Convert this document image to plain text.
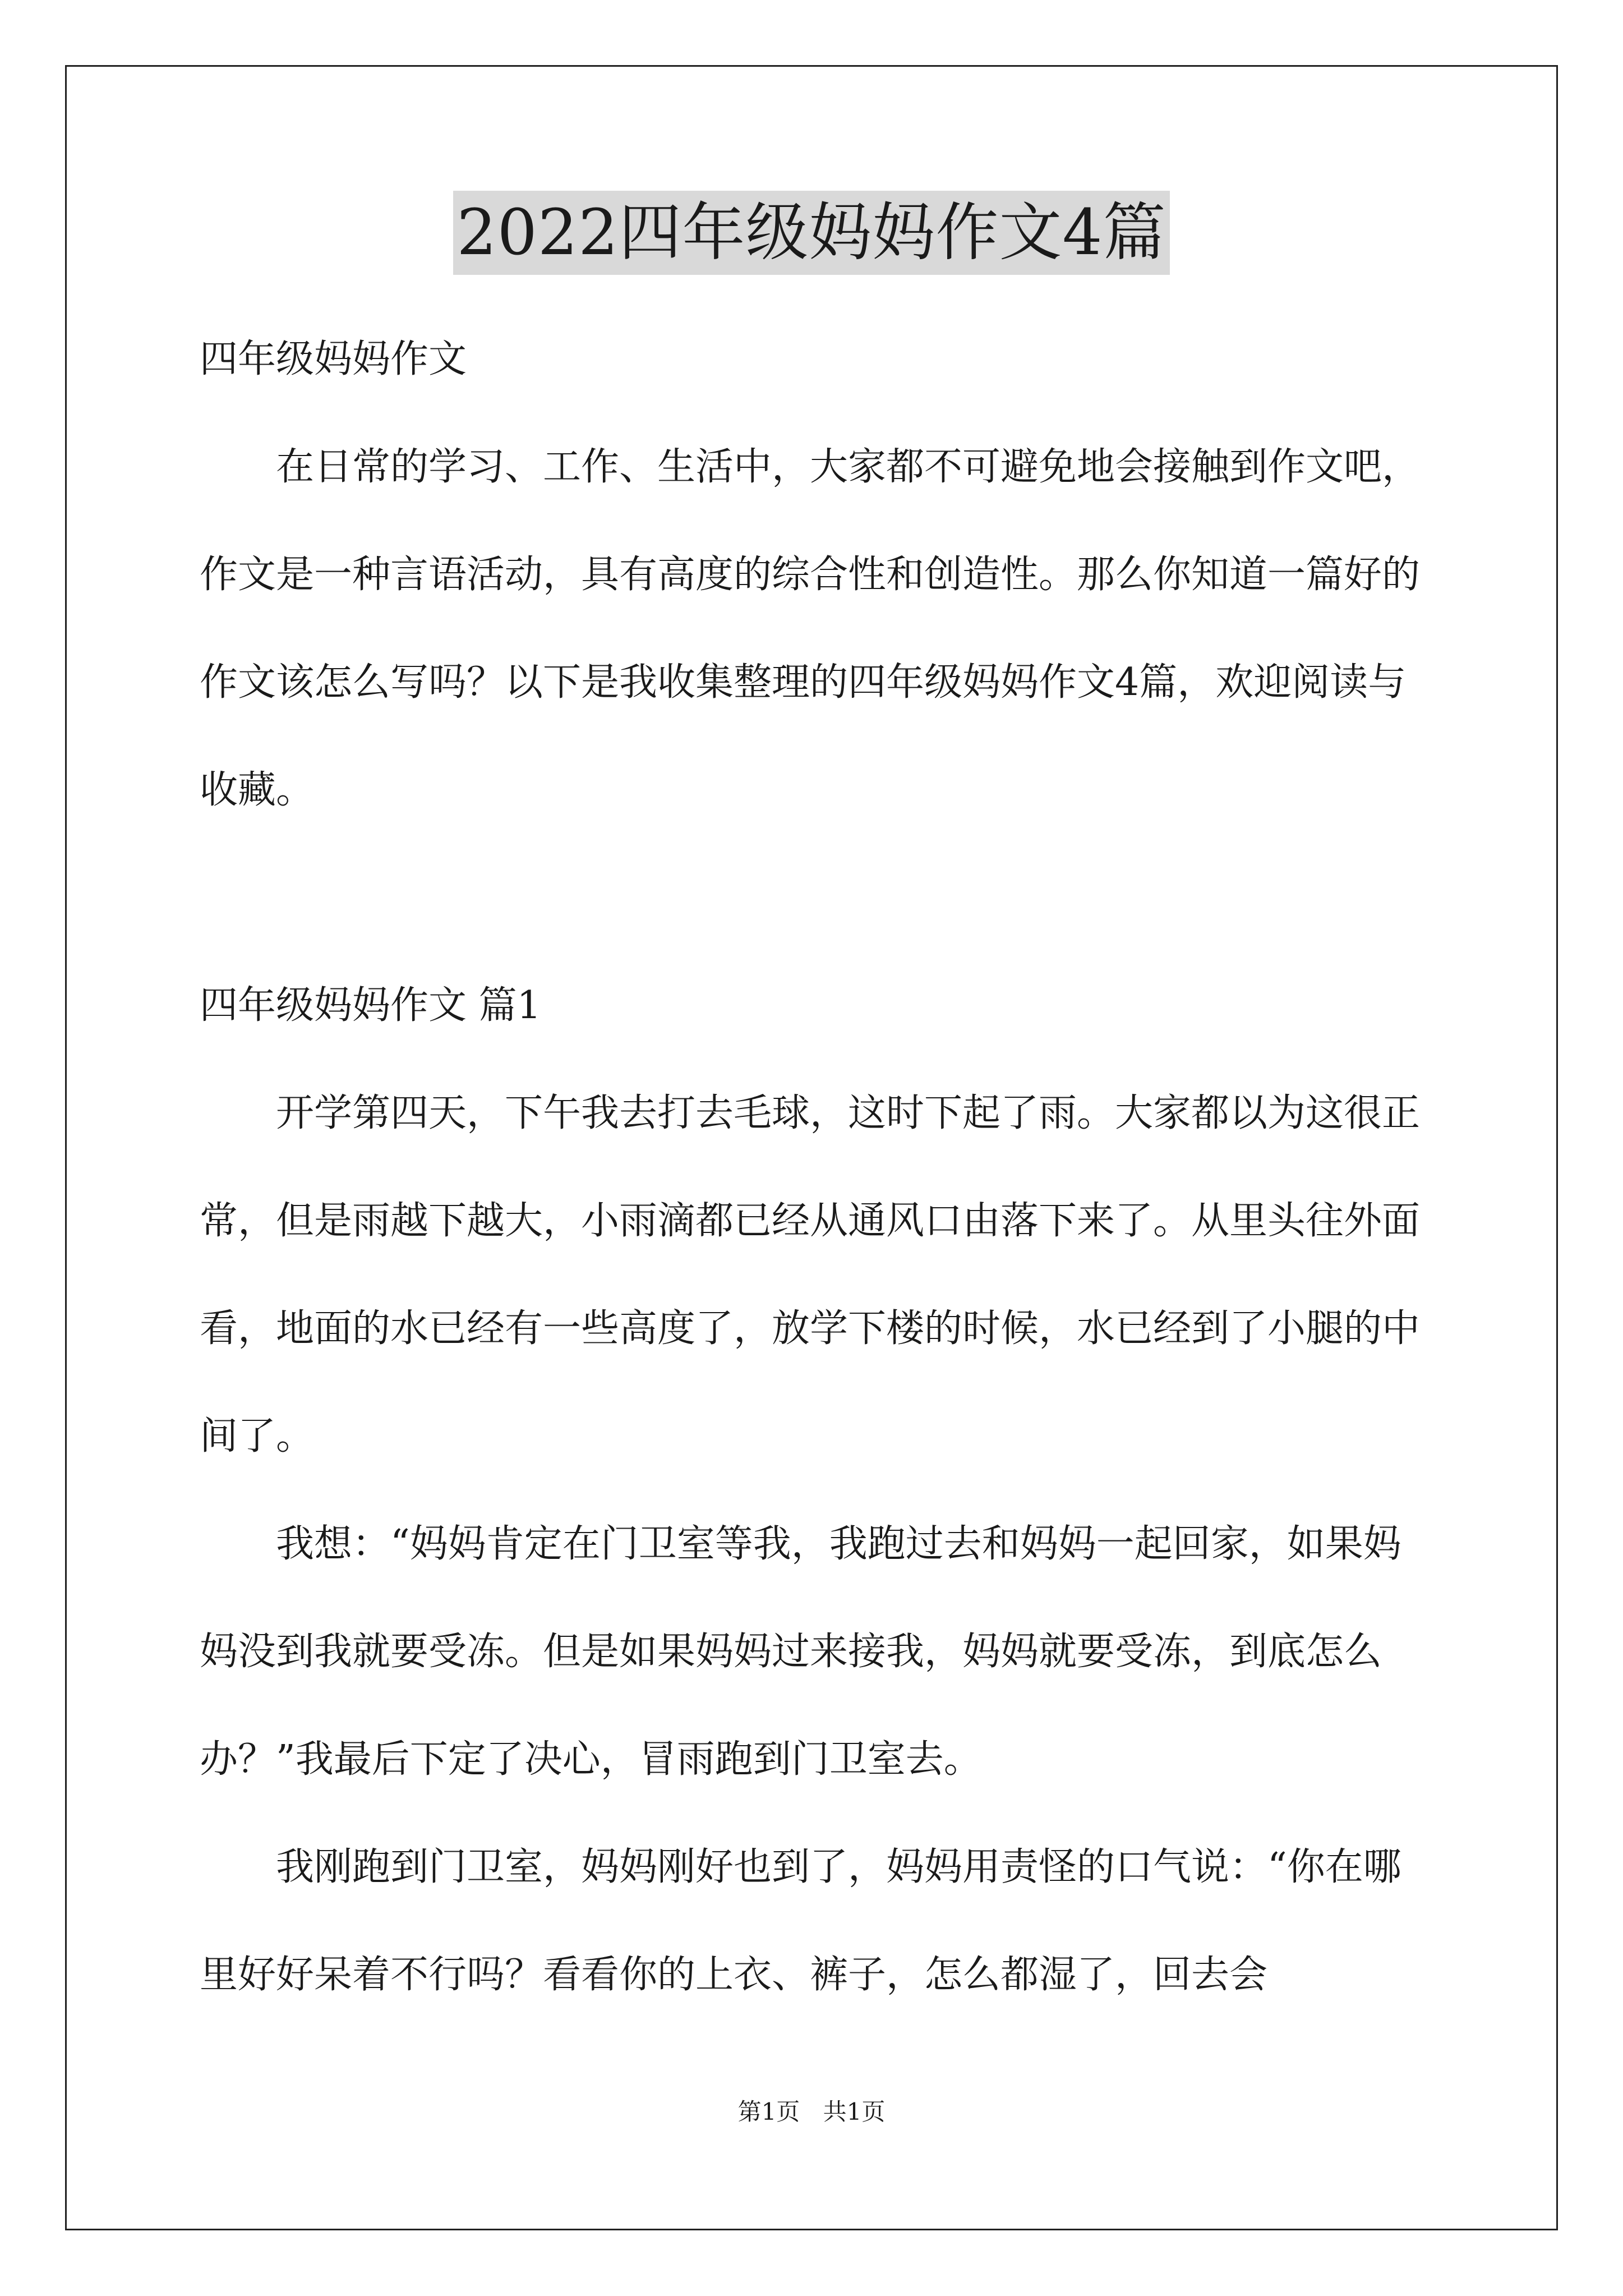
2022四年级妈妈作文4篇

四年级妈妈作文

在日常的学习、工作、生活中，大家都不可避免地会接触到作文吧，作文是一种言语活动，具有高度的综合性和创造性。那么你知道一篇好的作文该怎么写吗？以下是我收集整理的四年级妈妈作文4篇，欢迎阅读与收藏。

四年级妈妈作文 篇1

开学第四天，下午我去打去毛球，这时下起了雨。大家都以为这很正常，但是雨越下越大，小雨滴都已经从通风口由落下来了。从里头往外面看，地面的水已经有一些高度了，放学下楼的时候，水已经到了小腿的中间了。

我想：“妈妈肯定在门卫室等我，我跑过去和妈妈一起回家，如果妈妈没到我就要受冻。但是如果妈妈过来接我，妈妈就要受冻，到底怎么办？”我最后下定了决心，冒雨跑到门卫室去。

我刚跑到门卫室，妈妈刚好也到了，妈妈用责怪的口气说：“你在哪里好好呆着不行吗？看看你的上衣、裤子，怎么都湿了，回去会

第1页 共1页
